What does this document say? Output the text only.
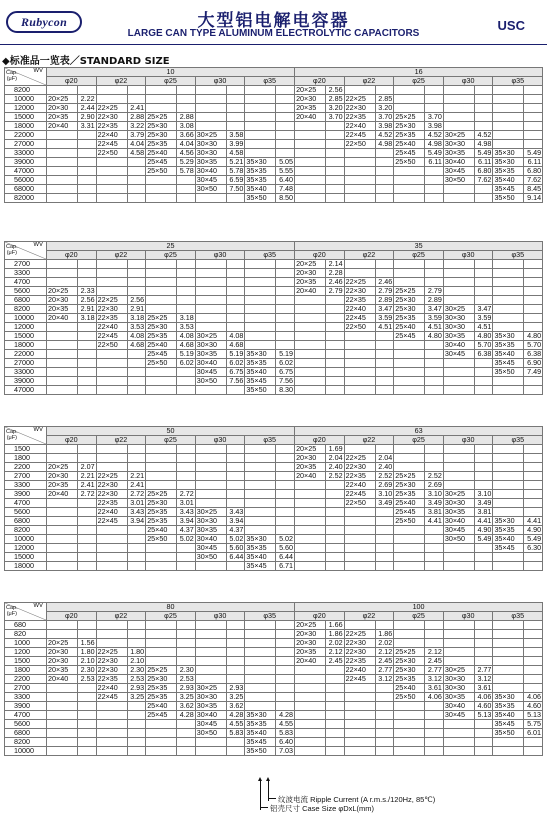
Rubycon	大型铝电解电容器
LARGE CAN TYPE ALUMINUM ELECTROLYTIC CAPACITORS
USC
◆标准品一览表／STANDARD SIZE
WV
Cap.
(μF)	10										16									
	φ20		φ22		φ25		φ30		φ35		φ20		φ22		φ25		φ30		φ35	
8200											20×25	2.56								
10000	20×25	2.22									20×30	2.85	22×25	2.85						
12000	20×30	2.44	22×25	2.41							20×35	3.20	22×30	3.20						
15000	20×35	2.90	22×30	2.88	25×25	2.88					20×40	3.70	22×35	3.70	25×25	3.70				
18000	20×40	3.31	22×35	3.22	25×30	3.08							22×40	3.98	25×30	3.98				
22000			22×40	3.79	25×30	3.66	30×25	3.58					22×45	4.52	25×35	4.52	30×25	4.52		
27000			22×45	4.04	25×35	4.04	30×30	3.99					22×50	4.98	25×40	4.98	30×30	4.98		
33000			22×50	4.58	25×40	4.56	30×30	4.58							25×45	5.49	30×35	5.49	35×30	5.49
39000					25×45	5.29	30×35	5.21	35×30	5.05					25×50	6.11	30×40	6.11	35×30	6.11
47000					25×50	5.78	30×40	5.78	35×35	5.55							30×45	6.80	35×35	6.80
56000							30×45	6.59	35×35	6.40							30×50	7.62	35×40	7.62
68000							30×50	7.50	35×40	7.48									35×45	8.45
82000									35×50	8.50									35×50	9.14
WV
Cap.
(μF)	25										35									
	φ20		φ22		φ25		φ30		φ35		φ20		φ22		φ25		φ30		φ35	
2700											20×25	2.14								
3300											20×30	2.28								
4700											20×35	2.46	22×25	2.46						
5600	20×25	2.33									20×40	2.79	22×30	2.79	25×25	2.79				
6800	20×30	2.56	22×25	2.56									22×35	2.89	25×30	2.89				
8200	20×35	2.91	22×30	2.91									22×40	3.47	25×30	3.47	30×25	3.47		
10000	20×40	3.18	22×35	3.18	25×25	3.18							22×45	3.59	25×35	3.59	30×30	3.59		
12000			22×40	3.53	25×30	3.53							22×50	4.51	25×40	4.51	30×30	4.51		
15000			22×45	4.08	25×35	4.08	30×25	4.08							25×45	4.80	30×35	4.80	35×30	4.80
18000			22×50	4.68	25×40	4.68	30×30	4.68									30×40	5.70	35×35	5.70
22000					25×45	5.19	30×35	5.19	35×30	5.19							30×45	6.38	35×40	6.38
27000					25×50	6.02	30×40	6.02	35×35	6.02									35×45	6.90
33000							30×45	6.75	35×40	6.75									35×50	7.49
39000							30×50	7.56	35×45	7.56										
47000									35×50	8.30										
WV
Cap.
(μF)	50										63									
	φ20		φ22		φ25		φ30		φ35		φ20		φ22		φ25		φ30		φ35	
1500											20×25	1.69								
1800											20×30	2.04	22×25	2.04						
2200	20×25	2.07									20×35	2.40	22×30	2.40						
2700	20×30	2.21	22×25	2.21							20×40	2.52	22×35	2.52	25×25	2.52				
3300	20×35	2.41	22×30	2.41									22×40	2.69	25×30	2.69				
3900	20×40	2.72	22×30	2.72	25×25	2.72							22×45	3.10	25×35	3.10	30×25	3.10		
4700			22×35	3.01	25×30	3.01							22×50	3.49	25×40	3.49	30×30	3.49		
5600			22×40	3.43	25×35	3.43	30×25	3.43							25×45	3.81	30×35	3.81		
6800			22×45	3.94	25×35	3.94	30×30	3.94							25×50	4.41	30×40	4.41	35×30	4.41
8200					25×40	4.37	30×35	4.37									30×45	4.90	35×35	4.90
10000					25×50	5.02	30×40	5.02	35×30	5.02							30×50	5.49	35×40	5.49
12000							30×45	5.60	35×35	5.60									35×45	6.30
15000							30×50	6.44	35×40	6.44										
18000									35×45	6.71										
WV
Cap.
(μF)	80										100									
	φ20		φ22		φ25		φ30		φ35		φ20		φ22		φ25		φ30		φ35	
680											20×25	1.66								
820											20×30	1.86	22×25	1.86						
1000	20×25	1.56									20×30	2.02	22×30	2.02						
1200	20×30	1.80	22×25	1.80							20×35	2.12	22×30	2.12	25×25	2.12				
1500	20×30	2.10	22×30	2.10							20×40	2.45	22×35	2.45	25×30	2.45				
1800	20×35	2.30	22×30	2.30	25×25	2.30							22×40	2.77	25×30	2.77	30×25	2.77		
2200	20×40	2.53	22×35	2.53	25×30	2.53							22×45	3.12	25×35	3.12	30×30	3.12		
2700			22×40	2.93	25×35	2.93	30×25	2.93							25×40	3.61	30×30	3.61		
3300			22×45	3.25	25×35	3.25	30×30	3.25							25×50	4.06	30×35	4.06	35×30	4.06
3900					25×40	3.62	30×35	3.62									30×40	4.60	35×35	4.60
4700					25×45	4.28	30×40	4.28	35×30	4.28							30×45	5.13	35×40	5.13
5600							30×45	4.55	35×35	4.55									35×45	5.75
6800							30×50	5.83	35×40	5.83									35×50	6.01
8200									35×45	6.40										
10000									35×50	7.03										
纹波电流 Ripple Current (A r.m.s./120Hz, 85℃)
铝壳尺寸 Case Size φDxL(mm)
